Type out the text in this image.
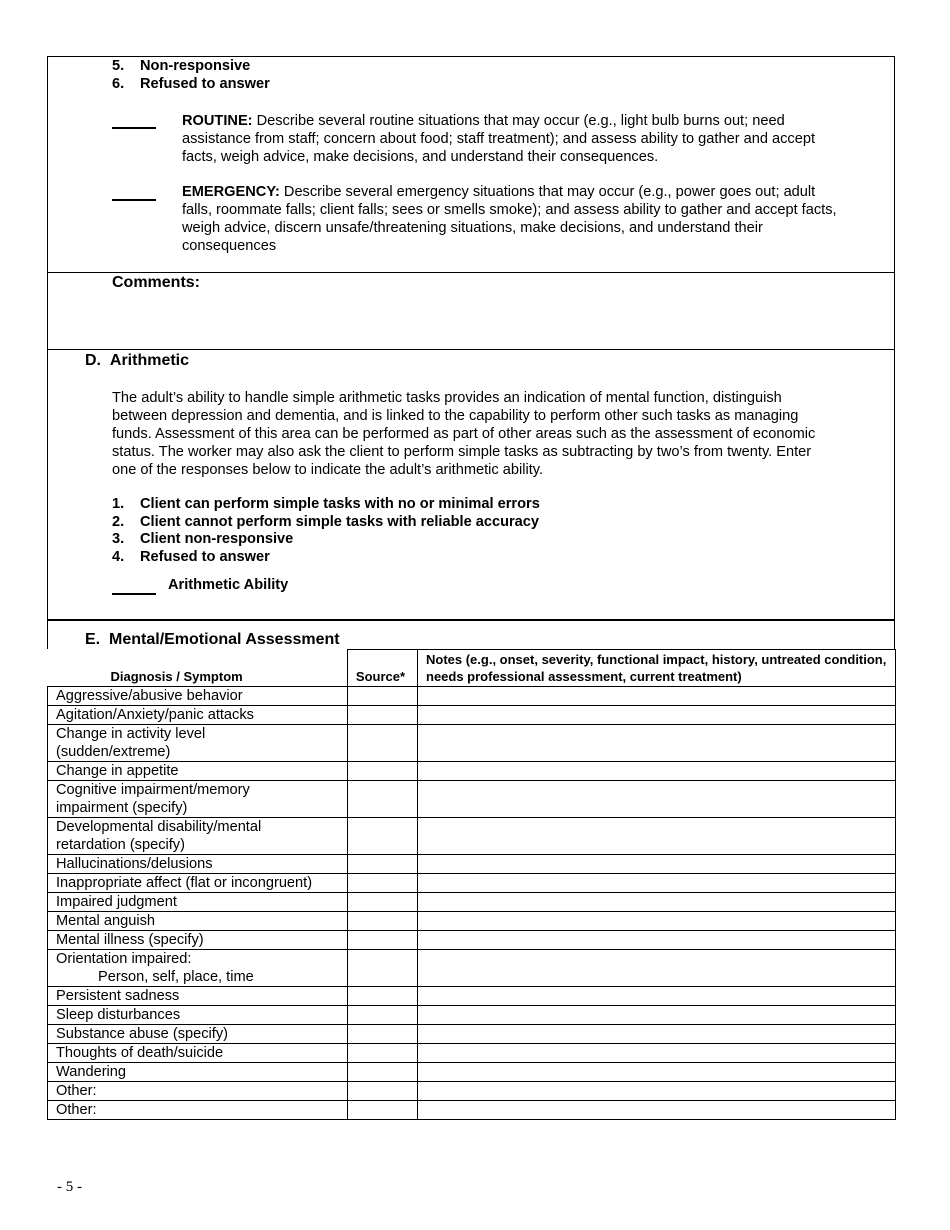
5. Non-responsive
6. Refused to answer
ROUTINE: Describe several routine situations that may occur (e.g., light bulb burns out; need
assistance from staff; concern about food; staff treatment); and assess ability to gather and accept
facts, weigh advice, make decisions, and understand their consequences.
EMERGENCY: Describe several emergency situations that may occur (e.g., power goes out; adult
falls, roommate falls; client falls; sees or smells smoke); and assess ability to gather and accept facts,
weigh advice, discern unsafe/threatening situations, make decisions, and understand their
consequences
Comments:
D. Arithmetic
The adult’s ability to handle simple arithmetic tasks provides an indication of mental function, distinguish
between depression and dementia, and is linked to the capability to perform other such tasks as managing
funds. Assessment of this area can be performed as part of other areas such as the assessment of economic
status. The worker may also ask the client to perform simple tasks as subtracting by two’s from twenty. Enter
one of the responses below to indicate the adult’s arithmetic ability.
1. Client can perform simple tasks with no or minimal errors
2. Client cannot perform simple tasks with reliable accuracy
3. Client non-responsive
4. Refused to answer
Arithmetic Ability
E. Mental/Emotional Assessment
Diagnosis / Symptom	Source*	Notes (e.g., onset, severity, functional impact, history, untreated condition,
needs professional assessment, current treatment)

Aggressive/abusive behavior		

Agitation/Anxiety/panic attacks		

Change in activity level
(sudden/extreme)		

Change in appetite		

Cognitive impairment/memory
impairment (specify)		

Developmental disability/mental
retardation (specify)		

Hallucinations/delusions		

Inappropriate affect (flat or incongruent)		

Impaired judgment		

Mental anguish		

Mental illness (specify)		

Orientation impaired:
Person, self, place, time		

Persistent sadness		

Sleep disturbances		

Substance abuse (specify)		

Thoughts of death/suicide		

Wandering		

Other:		

Other:		

- 5 -
